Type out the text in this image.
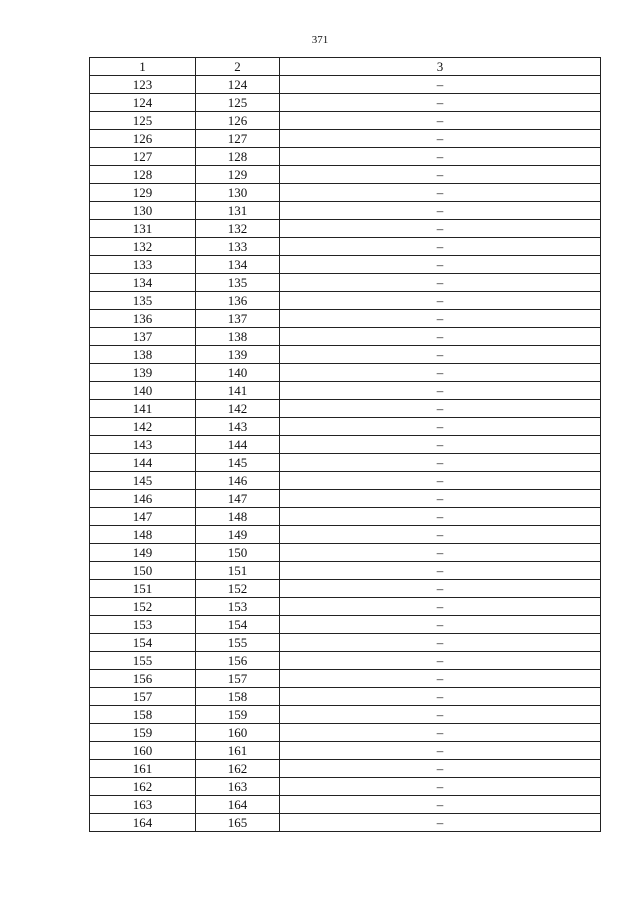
371
1	2	3
123	124	–
124	125	–
125	126	–
126	127	–
127	128	–
128	129	–
129	130	–
130	131	–
131	132	–
132	133	–
133	134	–
134	135	–
135	136	–
136	137	–
137	138	–
138	139	–
139	140	–
140	141	–
141	142	–
142	143	–
143	144	–
144	145	–
145	146	–
146	147	–
147	148	–
148	149	–
149	150	–
150	151	–
151	152	–
152	153	–
153	154	–
154	155	–
155	156	–
156	157	–
157	158	–
158	159	–
159	160	–
160	161	–
161	162	–
162	163	–
163	164	–
164	165	–
